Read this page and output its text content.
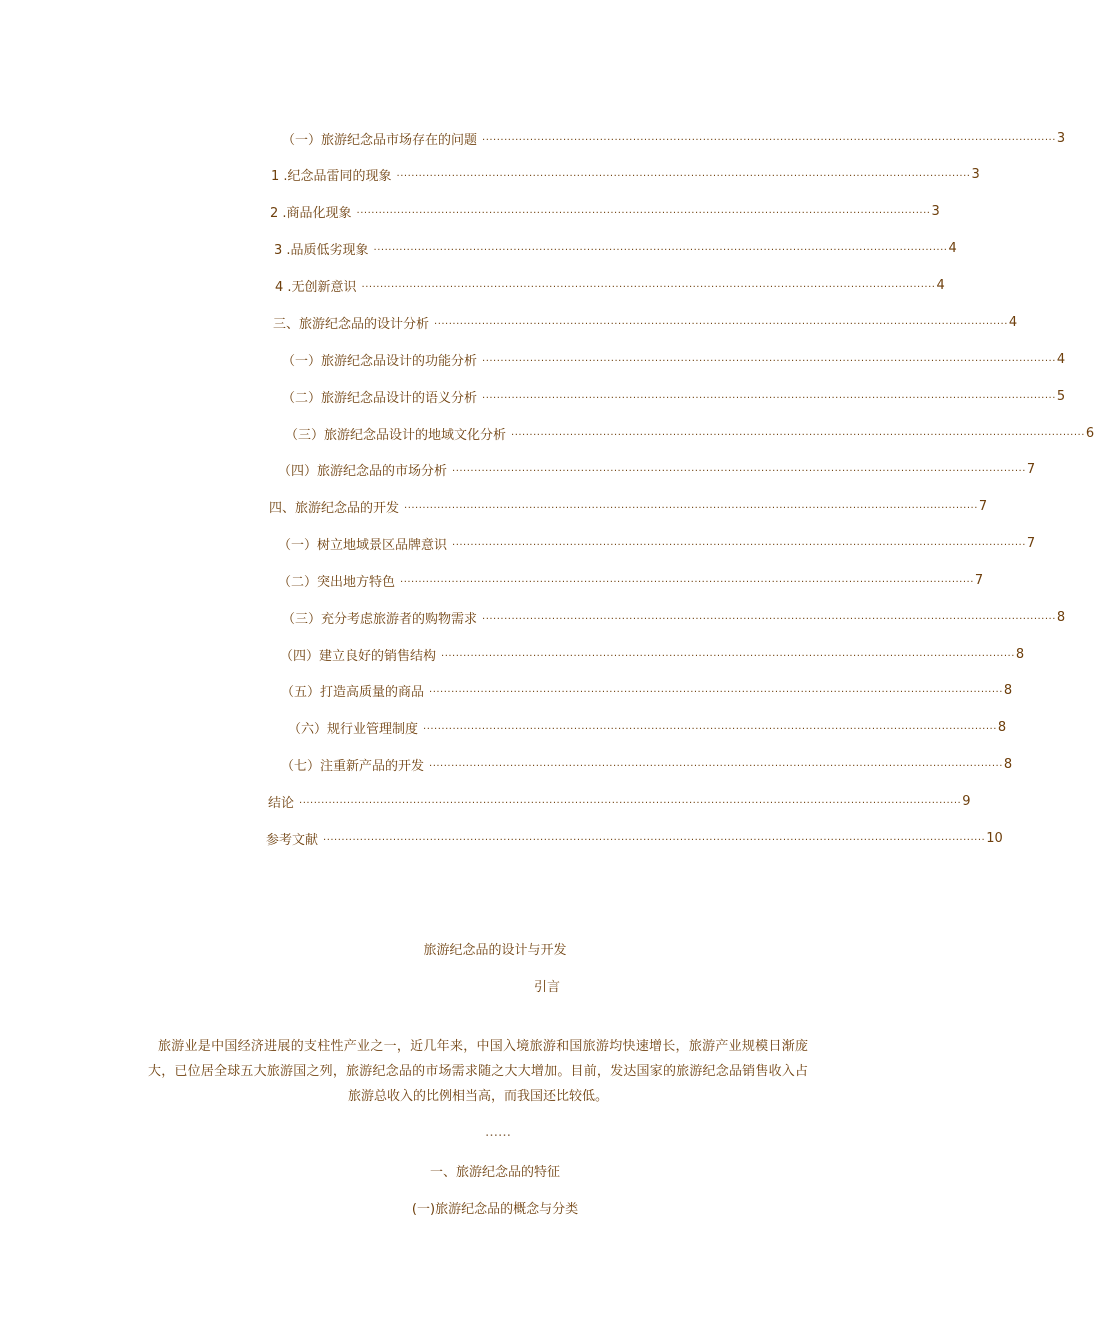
（一）旅游纪念品市场存在的问题 ............................................................................................................................................................ 3
1 .纪念品雷同的现象 ............................................................................................................................................................ 3
2 .商品化现象 ............................................................................................................................................................ 3
3 .品质低劣现象 ............................................................................................................................................................ 4
4 .无创新意识 ............................................................................................................................................................ 4
三、旅游纪念品的设计分析 ............................................................................................................................................................ 4
（一）旅游纪念品设计的功能分析 ............................................................................................................................................................ 4
（二）旅游纪念品设计的语义分析 ............................................................................................................................................................ 5
（三）旅游纪念品设计的地域文化分析 ............................................................................................................................................................ 6
（四）旅游纪念品的市场分析 ............................................................................................................................................................ 7
四、旅游纪念品的开发 ............................................................................................................................................................ 7
（一）树立地域景区品牌意识 ............................................................................................................................................................ 7
（二）突出地方特色 ............................................................................................................................................................ 7
（三）充分考虑旅游者的购物需求 ............................................................................................................................................................ 8
（四）建立良好的销售结构 ............................................................................................................................................................ 8
（五）打造高质量的商品 ............................................................................................................................................................ 8
（六）规行业管理制度 ............................................................................................................................................................ 8
（七）注重新产品的开发 ............................................................................................................................................................ 8
结论 .................................................................................................................................................................................... 9
参考文献 .................................................................................................................................................................................... 10
旅游纪念品的设计与开发
引言

旅游业是中国经济进展的支柱性产业之一，近几年来，中国入境旅游和国旅游均快速增长，旅游产业规模日渐庞大，已位居全球五大旅游国之列，旅游纪念品的市场需求随之大大增加。目前，发达国家的旅游纪念品销售收入占旅游总收入的比例相当高，而我国还比较低。

……
一、旅游纪念品的特征
(一)旅游纪念品的概念与分类
